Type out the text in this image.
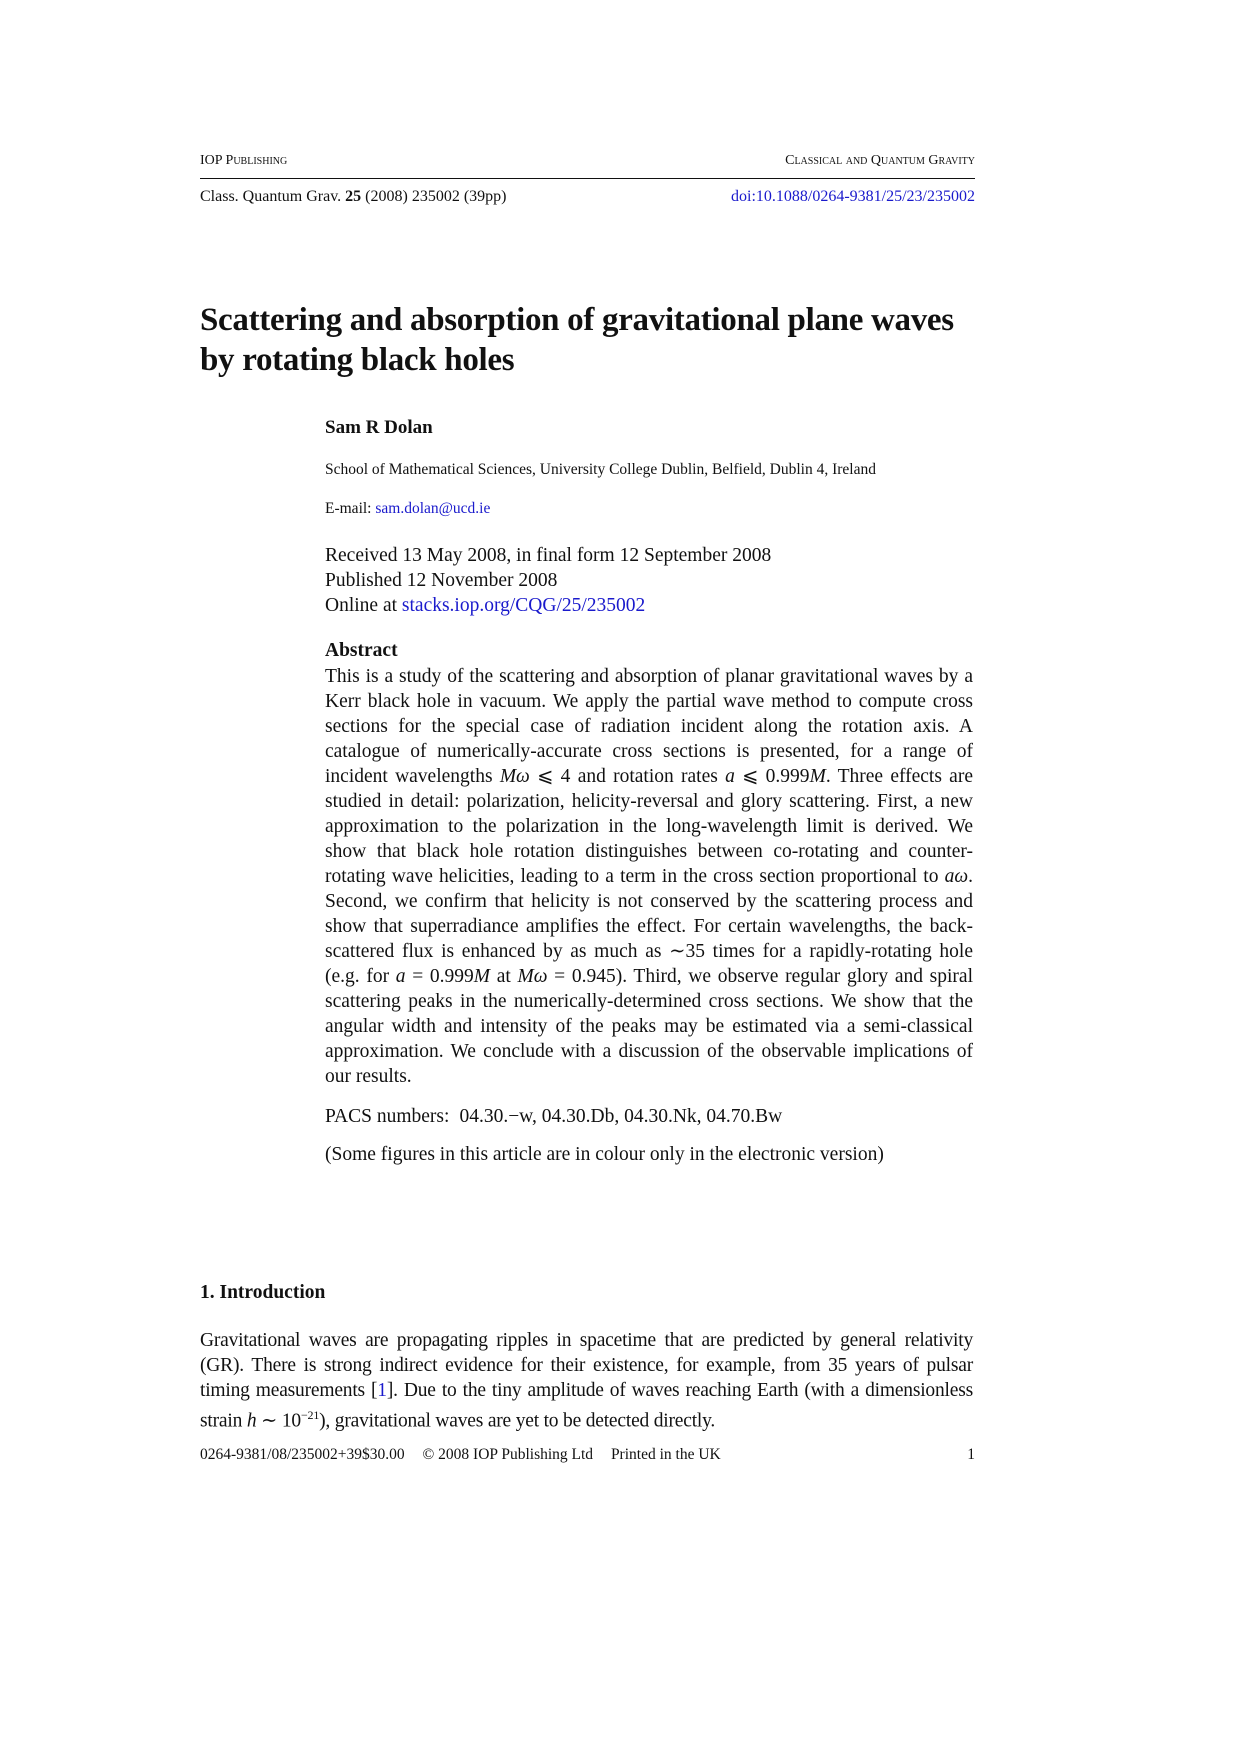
IOP Publishing	Classical and Quantum Gravity
Class. Quantum Grav. 25 (2008) 235002 (39pp)	doi:10.1088/0264-9381/25/23/235002
Scattering and absorption of gravitational plane waves
by rotating black holes
Sam R Dolan
School of Mathematical Sciences, University College Dublin, Belfield, Dublin 4, Ireland
E-mail: sam.dolan@ucd.ie
Received 13 May 2008, in final form 12 September 2008
Published 12 November 2008
Online at stacks.iop.org/CQG/25/235002
Abstract
This is a study of the scattering and absorption of planar gravitational waves by a Kerr black hole in vacuum. We apply the partial wave method to compute cross sections for the special case of radiation incident along the rotation axis. A catalogue of numerically-accurate cross sections is presented, for a range of incident wavelengths Mω ⩽ 4 and rotation rates a ⩽ 0.999M. Three effects are studied in detail: polarization, helicity-reversal and glory scattering. First, a new approximation to the polarization in the long-wavelength limit is derived. We show that black hole rotation distinguishes between co-rotating and counter-rotating wave helicities, leading to a term in the cross section proportional to aω. Second, we confirm that helicity is not conserved by the scattering process and show that superradiance amplifies the effect. For certain wavelengths, the back-scattered flux is enhanced by as much as ∼35 times for a rapidly-rotating hole (e.g. for a = 0.999M at Mω = 0.945). Third, we observe regular glory and spiral scattering peaks in the numerically-determined cross sections. We show that the angular width and intensity of the peaks may be estimated via a semi-classical approximation. We conclude with a discussion of the observable implications of our results.
PACS numbers: 04.30.−w, 04.30.Db, 04.30.Nk, 04.70.Bw
(Some figures in this article are in colour only in the electronic version)
1. Introduction
Gravitational waves are propagating ripples in spacetime that are predicted by general relativity (GR). There is strong indirect evidence for their existence, for example, from 35 years of pulsar timing measurements [1]. Due to the tiny amplitude of waves reaching Earth (with a dimensionless strain h ∼ $10^{-21}$), gravitational waves are yet to be detected directly.
0264-9381/08/235002+39$30.00 © 2008 IOP Publishing Ltd Printed in the UK	1
